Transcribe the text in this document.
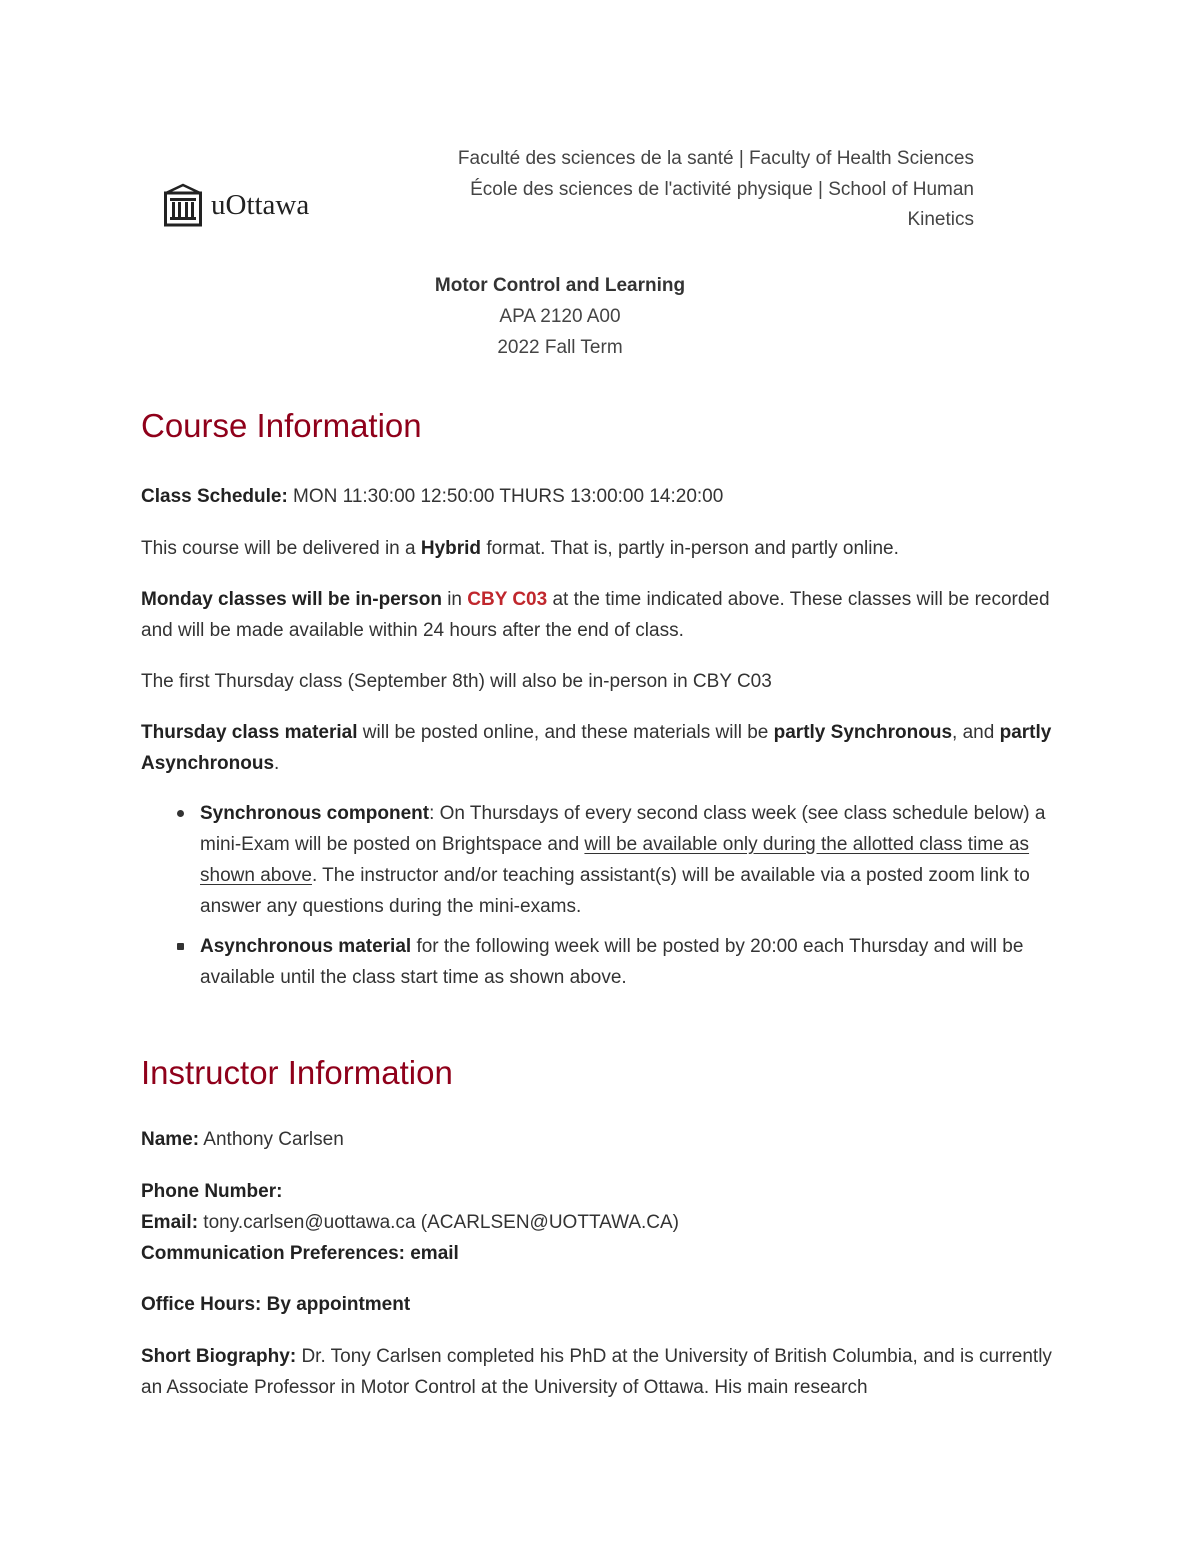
uOttawa
Faculté des sciences de la santé | Faculty of Health Sciences
École des sciences de l'activité physique | School of Human Kinetics
Motor Control and Learning
APA 2120 A00
2022 Fall Term
Course Information

Class Schedule: MON 11:30:00 12:50:00 THURS 13:00:00 14:20:00

This course will be delivered in a Hybrid format. That is, partly in-person and partly online.

Monday classes will be in-person in CBY C03 at the time indicated above. These classes will be recorded and will be made available within 24 hours after the end of class.

The first Thursday class (September 8th) will also be in-person in CBY C03

Thursday class material will be posted online, and these materials will be partly Synchronous, and partly Asynchronous.

Synchronous component: On Thursdays of every second class week (see class schedule below) a mini-Exam will be posted on Brightspace and will be available only during the allotted class time as shown above. The instructor and/or teaching assistant(s) will be available via a posted zoom link to answer any questions during the mini-exams.
Asynchronous material for the following week will be posted by 20:00 each Thursday and will be available until the class start time as shown above.
Instructor Information

Name: Anthony Carlsen

Phone Number:
Email: tony.carlsen@uottawa.ca (ACARLSEN@UOTTAWA.CA)
Communication Preferences: email

Office Hours: By appointment

Short Biography: Dr. Tony Carlsen completed his PhD at the University of British Columbia, and is currently an Associate Professor in Motor Control at the University of Ottawa. His main research
